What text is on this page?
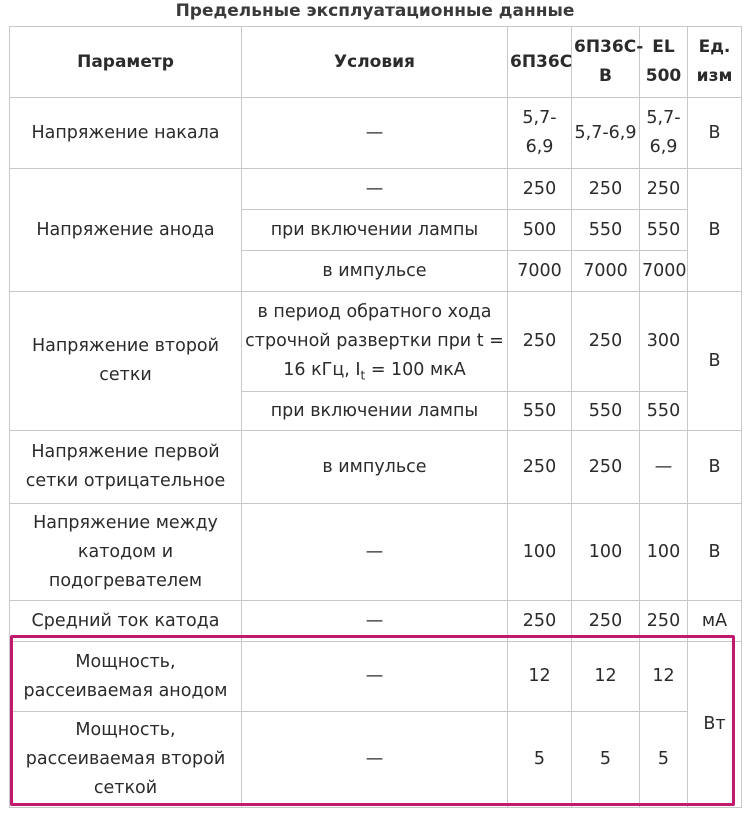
Предельные эксплуатационные данные
Параметр	Условия	6П36С	6П36С-В	EL 500	Ед. изм
Напряжение накала	—	5,7-6,9	5,7-6,9	5,7-6,9	В
Напряжение анода	—	250	250	250	В
	при включении лампы	500	550	550	
	в импульсе	7000	7000	7000	
Напряжение второй сетки	в период обратного хода строчной развертки при t = 16 кГц, $I_t = 100$ мкА	250	250	300	В
	при включении лампы	550	550	550	
Напряжение первой сетки отрицательное	в импульсе	250	250	—	В
Напряжение между катодом и подогревателем	—	100	100	100	В
Средний ток катода	—	250	250	250	мА
Мощность, рассеиваемая анодом	—	12	12	12	Вт
Мощность, рассеиваемая второй сеткой	—	5	5	5	
